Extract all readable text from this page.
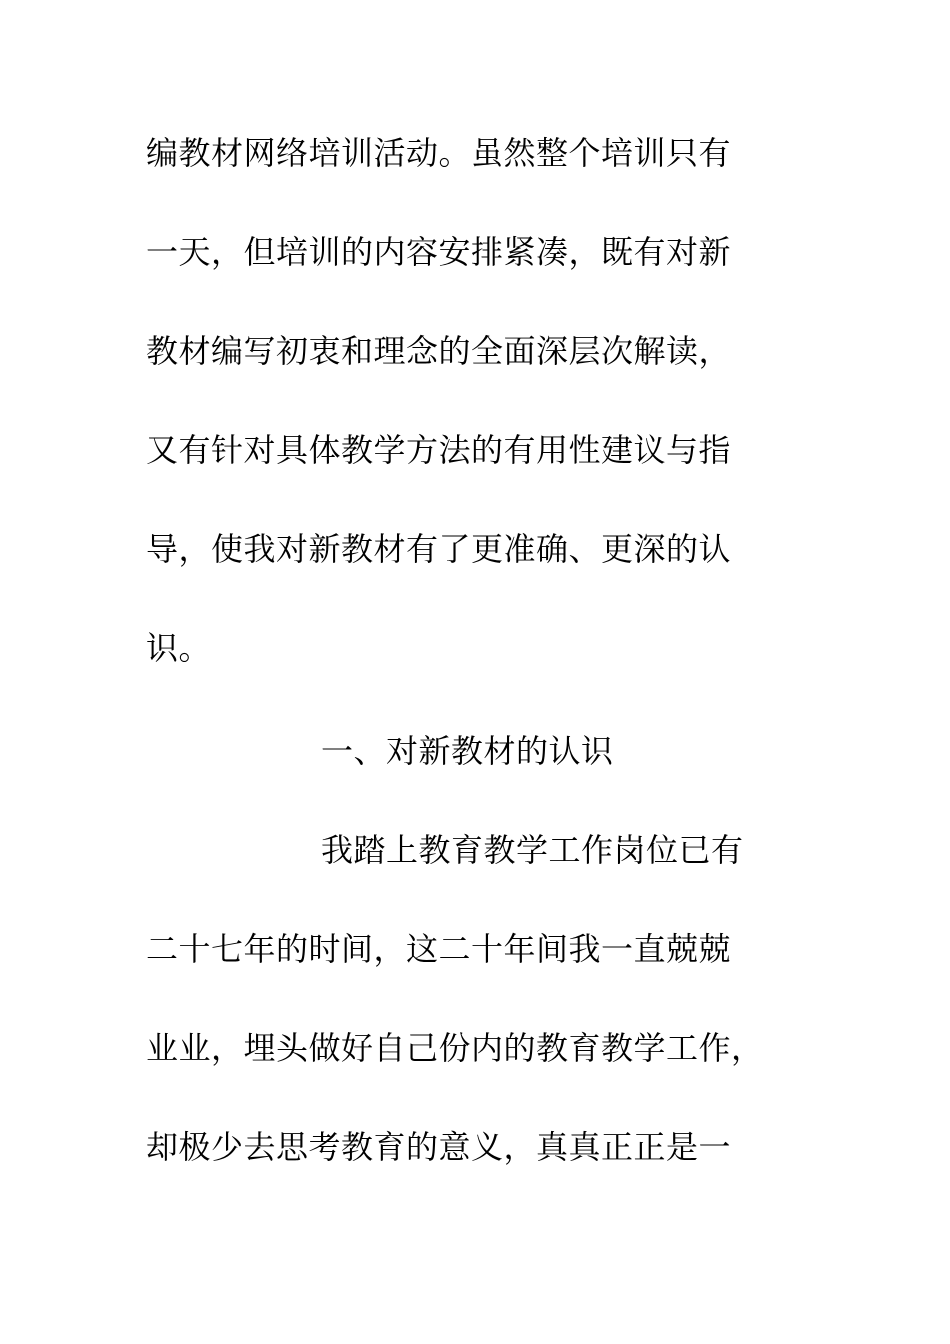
编教材网络培训活动。虽然整个培训只有
一天，但培训的内容安排紧凑，既有对新
教材编写初衷和理念的全面深层次解读，
又有针对具体教学方法的有用性建议与指
导，使我对新教材有了更准确、更深的认
识。
一、对新教材的认识
我踏上教育教学工作岗位已有
二十七年的时间，这二十年间我一直兢兢
业业，埋头做好自己份内的教育教学工作，
却极少去思考教育的意义，真真正正是一
